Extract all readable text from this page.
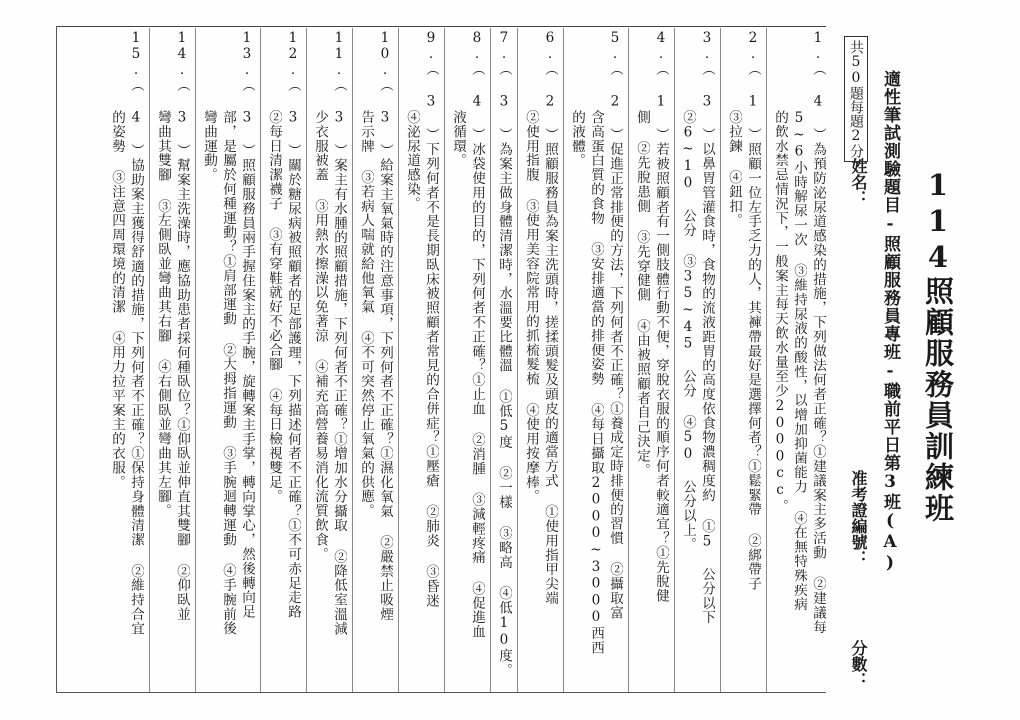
114照顧服務員訓練班
適性筆試測驗題目-照顧服務員專班-職前平日第3班(A)
姓名：
准考證編號：
分數：
共50題每題2分
1.（ 4 ）為預防泌尿道感染的措施，下列做法何者正確？①建議案主多活動 ②建議每
5~6小時解尿一次 ③維持尿液的酸性，以增加抑菌能力 ④在無特殊疾病
的飲水禁忌情況下，一般案主每天飲水量至少2000cc。
2.（ 1 ）照顧一位左手乏力的人，其褲帶最好是選擇何者？①鬆緊帶 ②綁帶子
③拉鍊 ④鈕扣。
3.（ 3 ）以鼻胃管灌食時，食物的流液距胃的高度依食物濃稠度約 ①5 公分以下
②6~10 公分 ③35~45 公分 ④50 公分以上。
4.（ 1 ）若被照顧者有一側肢體行動不便，穿脫衣服的順序何者較適宜？①先脫健
側 ②先脫患側 ③先穿健側 ④由被照顧者自己決定。
5.（ 2 ）促進正常排便的方法，下列何者不正確？①養成定時排便的習慣 ②攝取富
含高蛋白質的食物 ③安排適當的排便姿勢 ④每日攝取2000~3000西西
的液體。
6.（ 2 ）照顧服務員為案主洗頭時，搓揉頭髮及頭皮的適當方式 ①使用指甲尖端
②使用指腹 ③使用美容院常用的抓梳髮梳 ④使用按摩棒。
7.（ 3 ）為案主做身體清潔時，水溫要比體溫 ①低5度 ②一樣 ③略高 ④低10度。
8.（ 4 ）冰袋使用的目的，下列何者不正確？①止血 ②消腫 ③減輕疼痛 ④促進血
液循環。
9.（ 3 ）下列何者不是長期臥床被照顧者常見的合併症？①壓瘡 ②肺炎 ③昏迷
④泌尿道感染。
10.（ 3 ）給案主氧氣時的注意事項，下列何者不正確？①濕化氧氣 ②嚴禁止吸煙
告示牌 ③若病人喘就給他氧氣 ④不可突然停止氧氣的供應。
11.（ 3 ）案主有水腫的照顧措施，下列何者不正確？①增加水分攝取 ②降低室溫減
少衣服被蓋 ③用熱水擦澡以免著涼 ④補充高營養易消化流質飲食。
12.（ 3 ）關於糖尿病被照顧者的足部護理，下列描述何者不正確？①不可赤足走路
②每日清潔襪子 ③有穿鞋就好不必合腳 ④每日檢視雙足。
13.（ 3 ）照顧服務員兩手握住案主的手腕，旋轉案主手掌，轉向掌心，然後轉向足
部，是屬於何種運動？①肩部運動 ②大拇指運動 ③手腕迴轉運動 ④手腕前後
彎曲運動。
14.（ 3 ）幫案主洗澡時，應協助患者採何種臥位？①仰臥並伸直其雙腳 ②仰臥並
彎曲其雙腳 ③左側臥並彎曲其右腳 ④右側臥並彎曲其左腳。
15.（ 4 ）協助案主獲得舒適的措施，下列何者不正確？①保持身體清潔 ②維持合宜
的姿勢 ③注意四周環境的清潔 ④用力拉平案主的衣服。
